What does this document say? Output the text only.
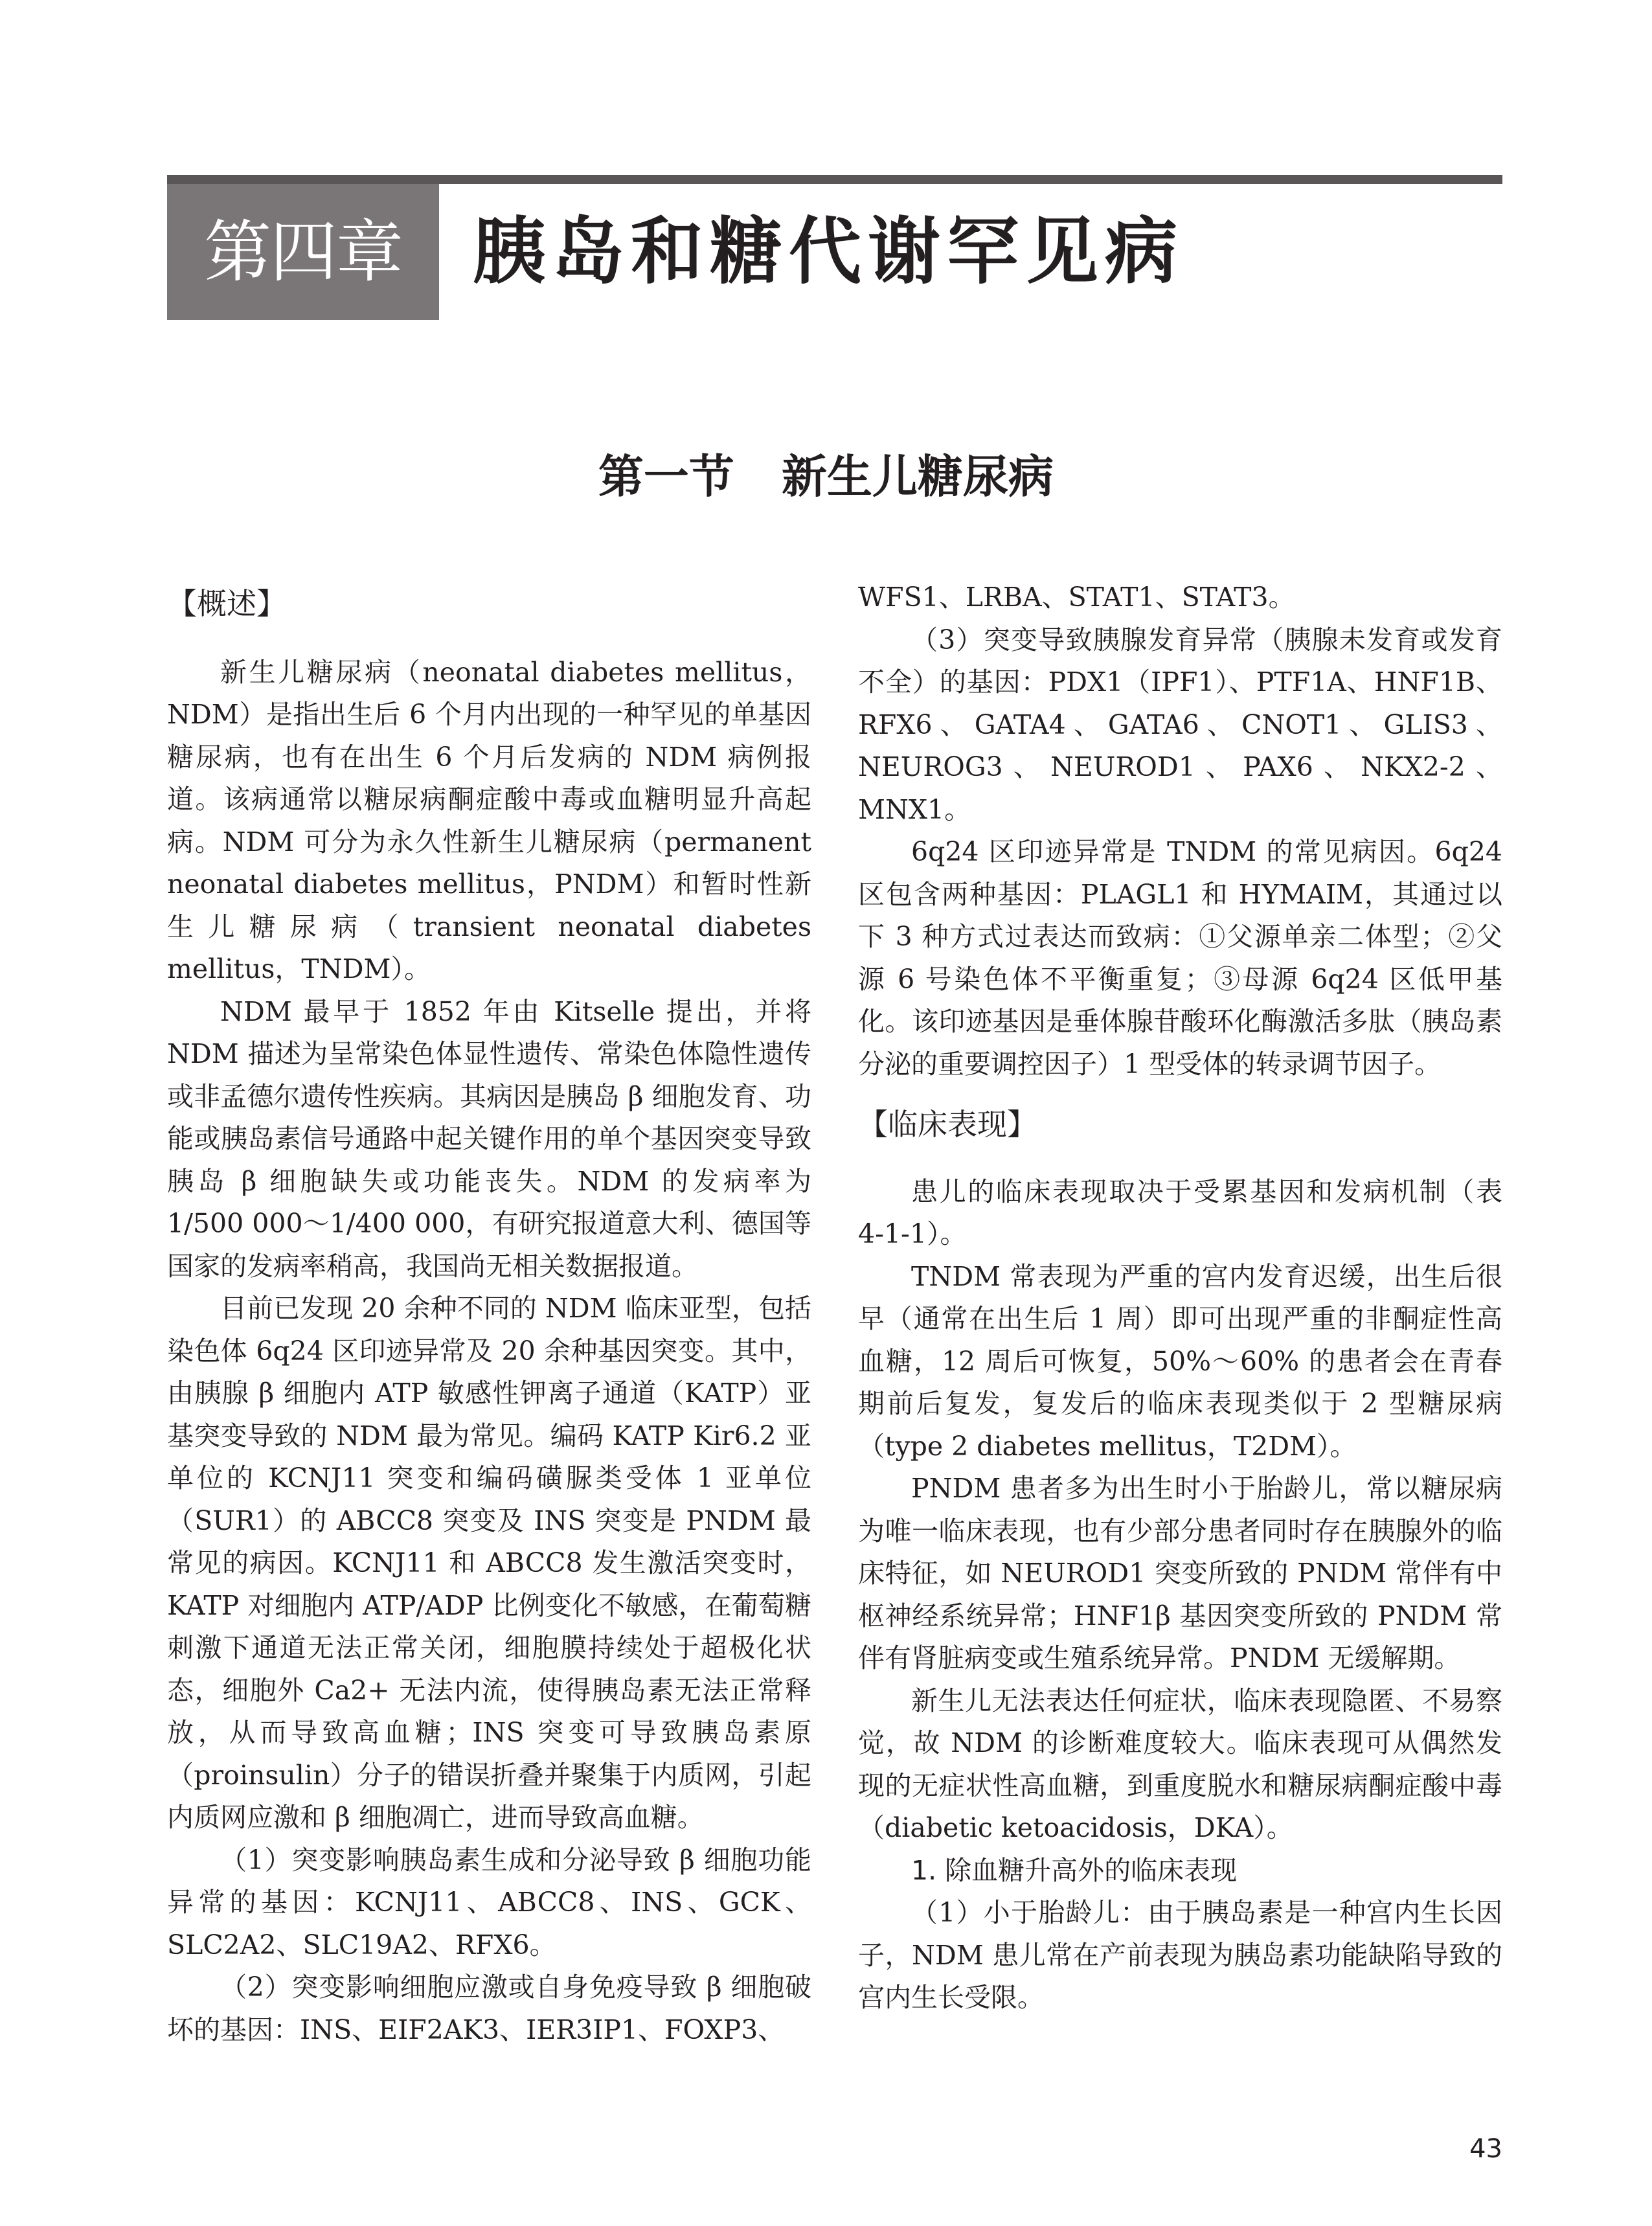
第四章 胰岛和糖代谢罕见病
第一节   新生儿糖尿病
【概述】

新生儿糖尿病（neonatal diabetes mellitus，NDM）是指出生后 6 个月内出现的一种罕见的单基因糖尿病，也有在出生 6 个月后发病的 NDM 病例报道。该病通常以糖尿病酮症酸中毒或血糖明显升高起病。NDM 可分为永久性新生儿糖尿病（permanent neonatal diabetes mellitus，PNDM）和暂时性新生儿糖尿病（transient neonatal diabetes mellitus，TNDM）。

NDM 最早于 1852 年由 Kitselle 提出，并将 NDM 描述为呈常染色体显性遗传、常染色体隐性遗传或非孟德尔遗传性疾病。其病因是胰岛 β 细胞发育、功能或胰岛素信号通路中起关键作用的单个基因突变导致胰岛 β 细胞缺失或功能丧失。NDM 的发病率为 1/500 000～1/400 000，有研究报道意大利、德国等国家的发病率稍高，我国尚无相关数据报道。

目前已发现 20 余种不同的 NDM 临床亚型，包括染色体 6q24 区印迹异常及 20 余种基因突变。其中，由胰腺 β 细胞内 ATP 敏感性钾离子通道（KATP）亚基突变导致的 NDM 最为常见。编码 KATP Kir6.2 亚单位的 KCNJ11 突变和编码磺脲类受体 1 亚单位（SUR1）的 ABCC8 突变及 INS 突变是 PNDM 最常见的病因。KCNJ11 和 ABCC8 发生激活突变时，KATP 对细胞内 ATP/ADP 比例变化不敏感，在葡萄糖刺激下通道无法正常关闭，细胞膜持续处于超极化状态，细胞外 Ca2+ 无法内流，使得胰岛素无法正常释放，从而导致高血糖；INS 突变可导致胰岛素原（proinsulin）分子的错误折叠并聚集于内质网，引起内质网应激和 β 细胞凋亡，进而导致高血糖。

（1）突变影响胰岛素生成和分泌导致 β 细胞功能异常的基因：KCNJ11、ABCC8、INS、GCK、SLC2A2、SLC19A2、RFX6。

（2）突变影响细胞应激或自身免疫导致 β 细胞破坏的基因：INS、EIF2AK3、IER3IP1、FOXP3、

WFS1、LRBA、STAT1、STAT3。

（3）突变导致胰腺发育异常（胰腺未发育或发育不全）的基因：PDX1（IPF1）、PTF1A、HNF1B、RFX6、GATA4、GATA6、CNOT1、GLIS3、NEUROG3、NEUROD1、PAX6、NKX2-2、MNX1。

6q24 区印迹异常是 TNDM 的常见病因。6q24 区包含两种基因：PLAGL1 和 HYMAIM，其通过以下 3 种方式过表达而致病：①父源单亲二体型；②父源 6 号染色体不平衡重复；③母源 6q24 区低甲基化。该印迹基因是垂体腺苷酸环化酶激活多肽（胰岛素分泌的重要调控因子）1 型受体的转录调节因子。

【临床表现】

患儿的临床表现取决于受累基因和发病机制（表 4-1-1）。

TNDM 常表现为严重的宫内发育迟缓，出生后很早（通常在出生后 1 周）即可出现严重的非酮症性高血糖，12 周后可恢复，50%～60% 的患者会在青春期前后复发，复发后的临床表现类似于 2 型糖尿病（type 2 diabetes mellitus，T2DM）。

PNDM 患者多为出生时小于胎龄儿，常以糖尿病为唯一临床表现，也有少部分患者同时存在胰腺外的临床特征，如 NEUROD1 突变所致的 PNDM 常伴有中枢神经系统异常；HNF1β 基因突变所致的 PNDM 常伴有肾脏病变或生殖系统异常。PNDM 无缓解期。

新生儿无法表达任何症状，临床表现隐匿、不易察觉，故 NDM 的诊断难度较大。临床表现可从偶然发现的无症状性高血糖，到重度脱水和糖尿病酮症酸中毒（diabetic ketoacidosis，DKA）。

1. 除血糖升高外的临床表现

（1）小于胎龄儿：由于胰岛素是一种宫内生长因子，NDM 患儿常在产前表现为胰岛素功能缺陷导致的宫内生长受限。

43
